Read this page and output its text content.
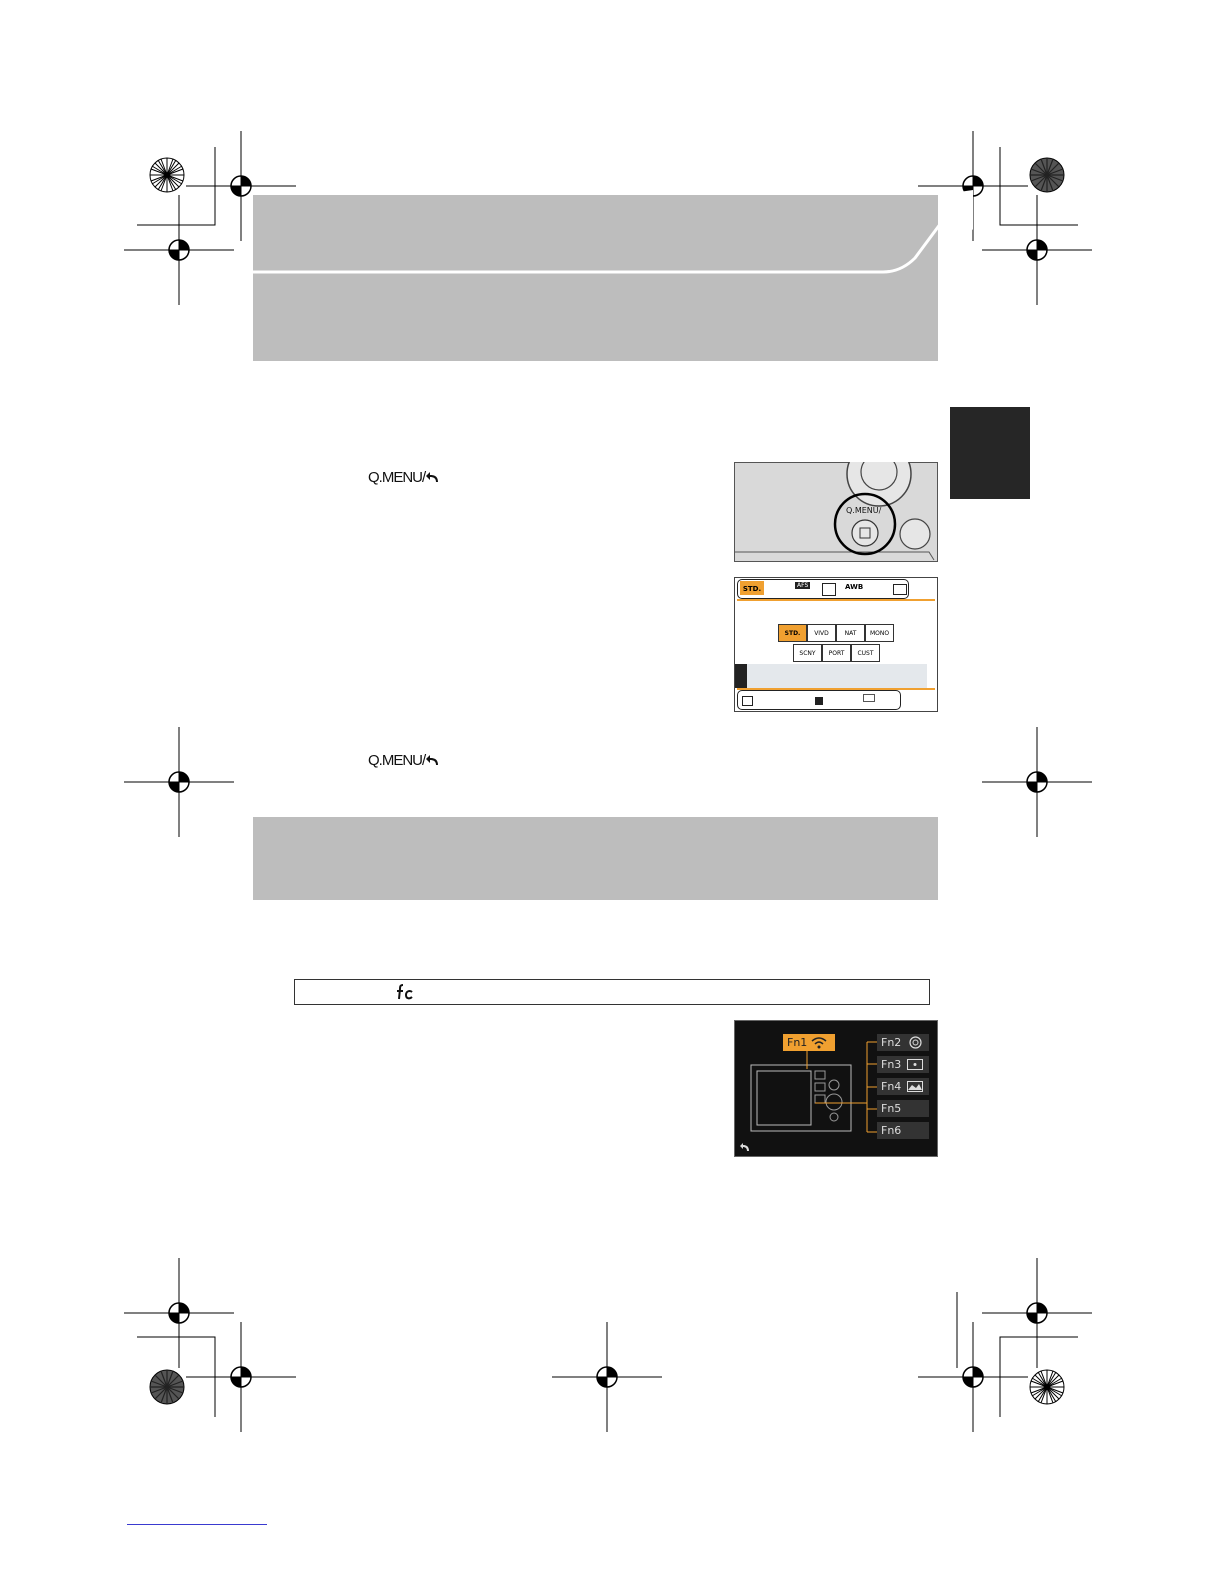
Q.MENU/
Q.MENU/
STD.	AFS	AWB
STD.	VIVD	NAT	MONO
SCNY	PORT	CUST
Q.MENU/
Fn1	Fn2
Fn3
Fn4
Fn5
Fn6
